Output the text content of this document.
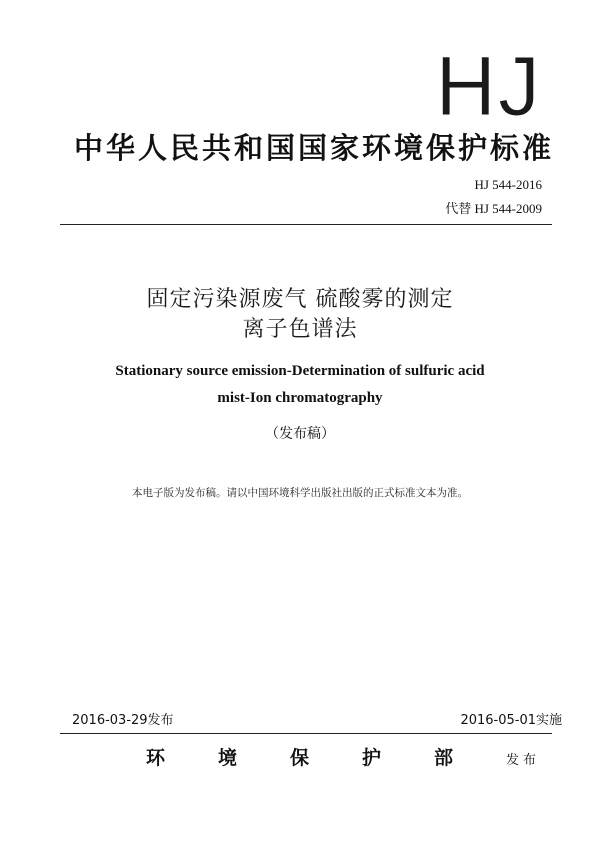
HJ
中华人民共和国国家环境保护标准
HJ 544-2016
代替 HJ 544-2009
固定污染源废气 硫酸雾的测定
离子色谱法
Stationary source emission-Determination of sulfuric acid
mist-Ion chromatography
（发布稿）
本电子版为发布稿。请以中国环境科学出版社出版的正式标准文本为准。
2016-03-29发布	2016-05-01实施
环	境	保	护	部	发布
